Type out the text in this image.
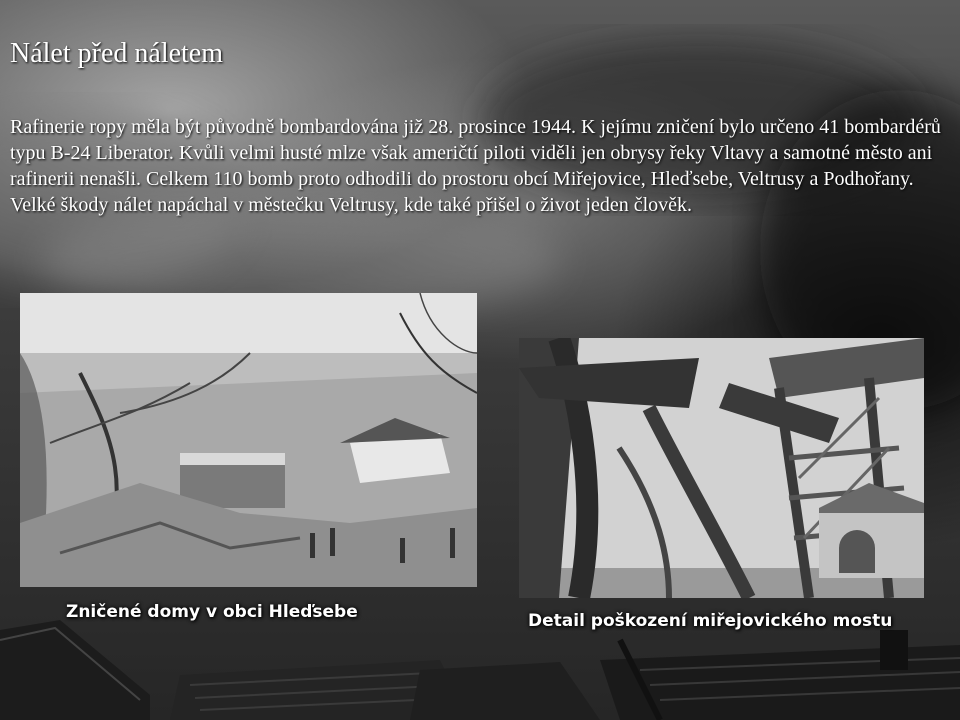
Nálet před náletem

Rafinerie ropy měla být původně bombardována již 28. prosince 1944. K jejímu zničení bylo určeno 41 bombardérů typu B-24 Liberator. Kvůli velmi husté mlze však američtí piloti viděli jen obrysy řeky Vltavy a samotné město ani rafinerii nenašli. Celkem 110 bomb proto odhodili do prostoru obcí Miřejovice, Hleďsebe, Veltrusy a Podhořany. Velké škody nálet napáchal v městečku Veltrusy, kde také přišel o život jeden člověk.

Zničené domy v obci Hleďsebe	Detail poškození miřejovického mostu
